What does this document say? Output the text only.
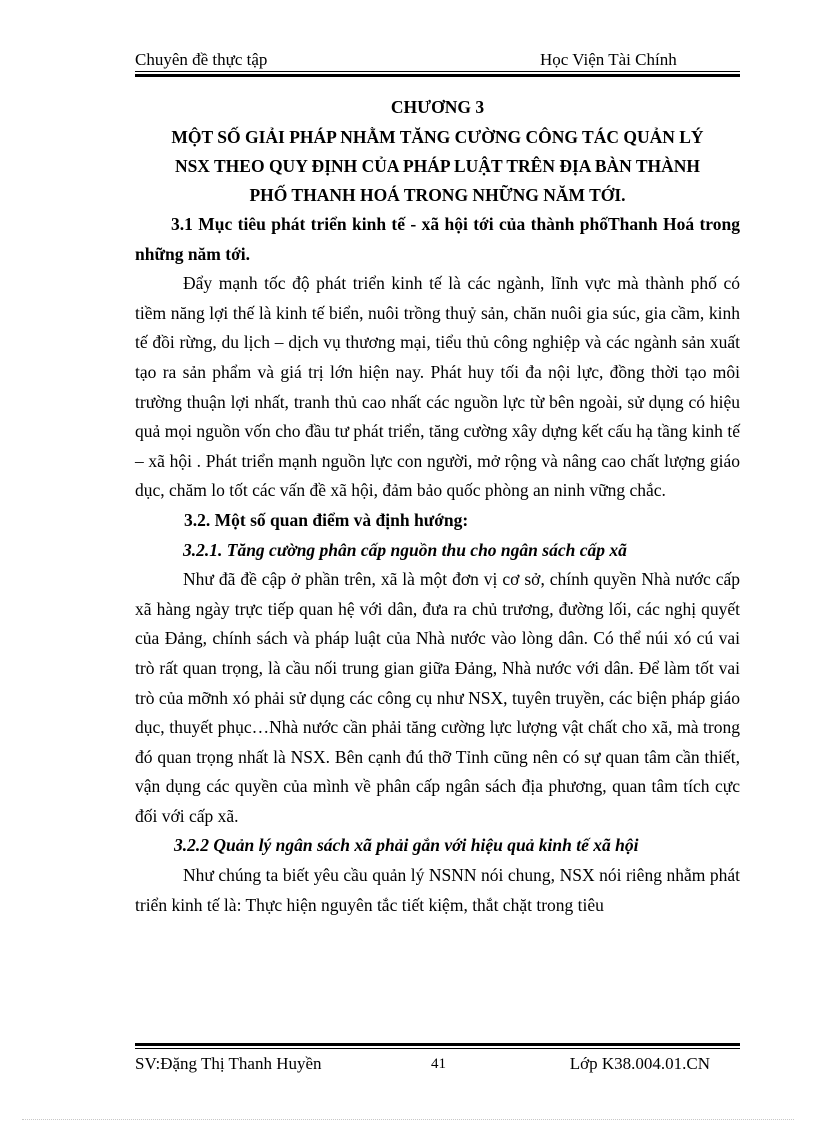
Chuyên đề thực tập	Học Viện Tài Chính
CHƯƠNG 3
MỘT SỐ GIẢI PHÁP NHẰM TĂNG CƯỜNG CÔNG TÁC QUẢN LÝ
NSX THEO QUY ĐỊNH CỦA PHÁP LUẬT TRÊN ĐỊA BÀN THÀNH
PHỐ THANH HOÁ TRONG NHỮNG NĂM TỚI.
3.1 Mục tiêu phát triển kinh tế - xã hội tới của thành phốThanh Hoá trong những năm tới.
Đẩy mạnh tốc độ phát triển kinh tế là các ngành, lĩnh vực mà thành phố có tiềm năng lợi thế là kinh tế biển, nuôi trồng thuỷ sản, chăn nuôi gia súc, gia cầm, kinh tế đồi rừng, du lịch – dịch vụ thương mại, tiểu thủ công nghiệp và các ngành sản xuất tạo ra sản phẩm và giá trị lớn hiện nay. Phát huy tối đa nội lực, đồng thời tạo môi trường thuận lợi nhất, tranh thủ cao nhất các nguồn lực từ bên ngoài, sử dụng có hiệu quả mọi nguồn vốn cho đầu tư phát triển, tăng cường xây dựng kết cấu hạ tầng kinh tế – xã hội . Phát triển mạnh nguồn lực con người, mở rộng và nâng cao chất lượng giáo dục, chăm lo tốt các vấn đề xã hội, đảm bảo quốc phòng an ninh vững chắc.
3.2. Một số quan điểm và định hướng:
3.2.1. Tăng cường phân cấp nguồn thu cho ngân sách cấp xã
Như đã đề cập ở phần trên, xã là một đơn vị cơ sở, chính quyền Nhà nước cấp xã hàng ngày trực tiếp quan hệ với dân, đưa ra chủ trương, đường lối, các nghị quyết của Đảng, chính sách và pháp luật của Nhà nước vào lòng dân. Có thể núi xó cú vai trò rất quan trọng, là cầu nối trung gian giữa Đảng, Nhà nước với dân. Để làm tốt vai trò của mỡnh xó phải sử dụng các công cụ như NSX, tuyên truyền, các biện pháp giáo dục, thuyết phục…Nhà nước cần phải tăng cường lực lượng vật chất cho xã, mà trong đó quan trọng nhất là NSX. Bên cạnh đú thỡ Tỉnh cũng nên có sự quan tâm cần thiết, vận dụng các quyền của mình về phân cấp ngân sách địa phương, quan tâm tích cực đối với cấp xã.
3.2.2 Quản lý ngân sách xã phải gắn với hiệu quả kinh tế xã hội
Như chúng ta biết yêu cầu quản lý NSNN nói chung, NSX nói riêng nhằm phát triển kinh tế là: Thực hiện nguyên tắc tiết kiệm, thắt chặt trong tiêu
SV:Đặng Thị Thanh Huyền	41	Lớp K38.004.01.CN
